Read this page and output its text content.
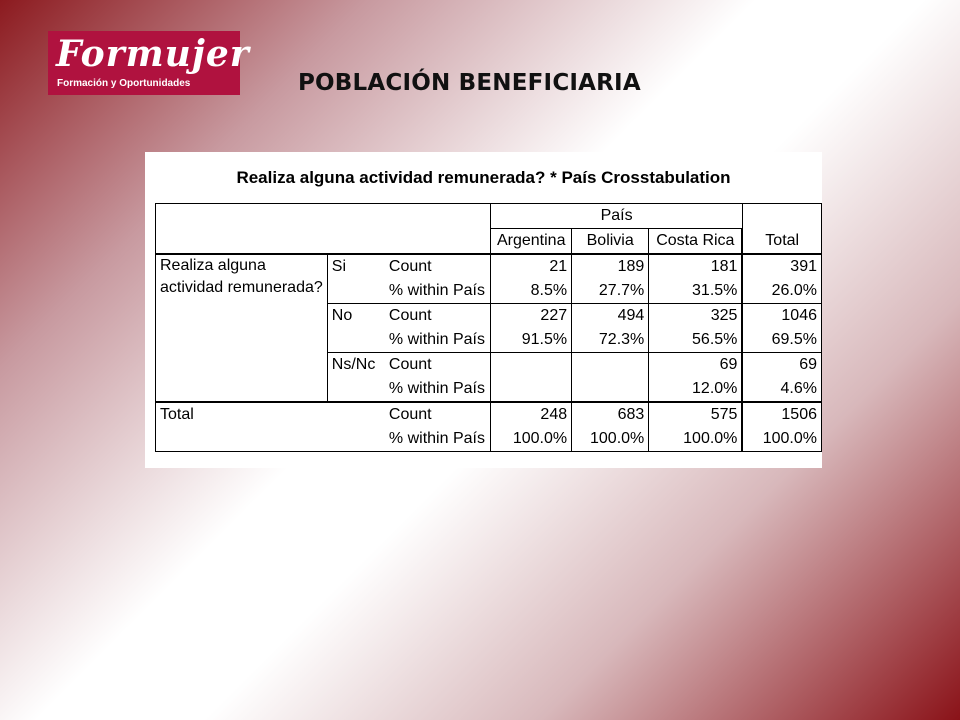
Formujer
Formación y Oportunidades	POBLACIÓN BENEFICIARIA
Realiza alguna actividad remunerada? * País Crosstabulation
			País			
			Argentina	Bolivia	Costa Rica	Total
Realiza alguna
actividad remunerada?	Si	Count	21	189	181	391
		% within País	8.5%	27.7%	31.5%	26.0%
	No	Count	227	494	325	1046
		% within País	91.5%	72.3%	56.5%	69.5%
	Ns/Nc	Count			69	69
		% within País			12.0%	4.6%
Total		Count	248	683	575	1506
		% within País	100.0%	100.0%	100.0%	100.0%
